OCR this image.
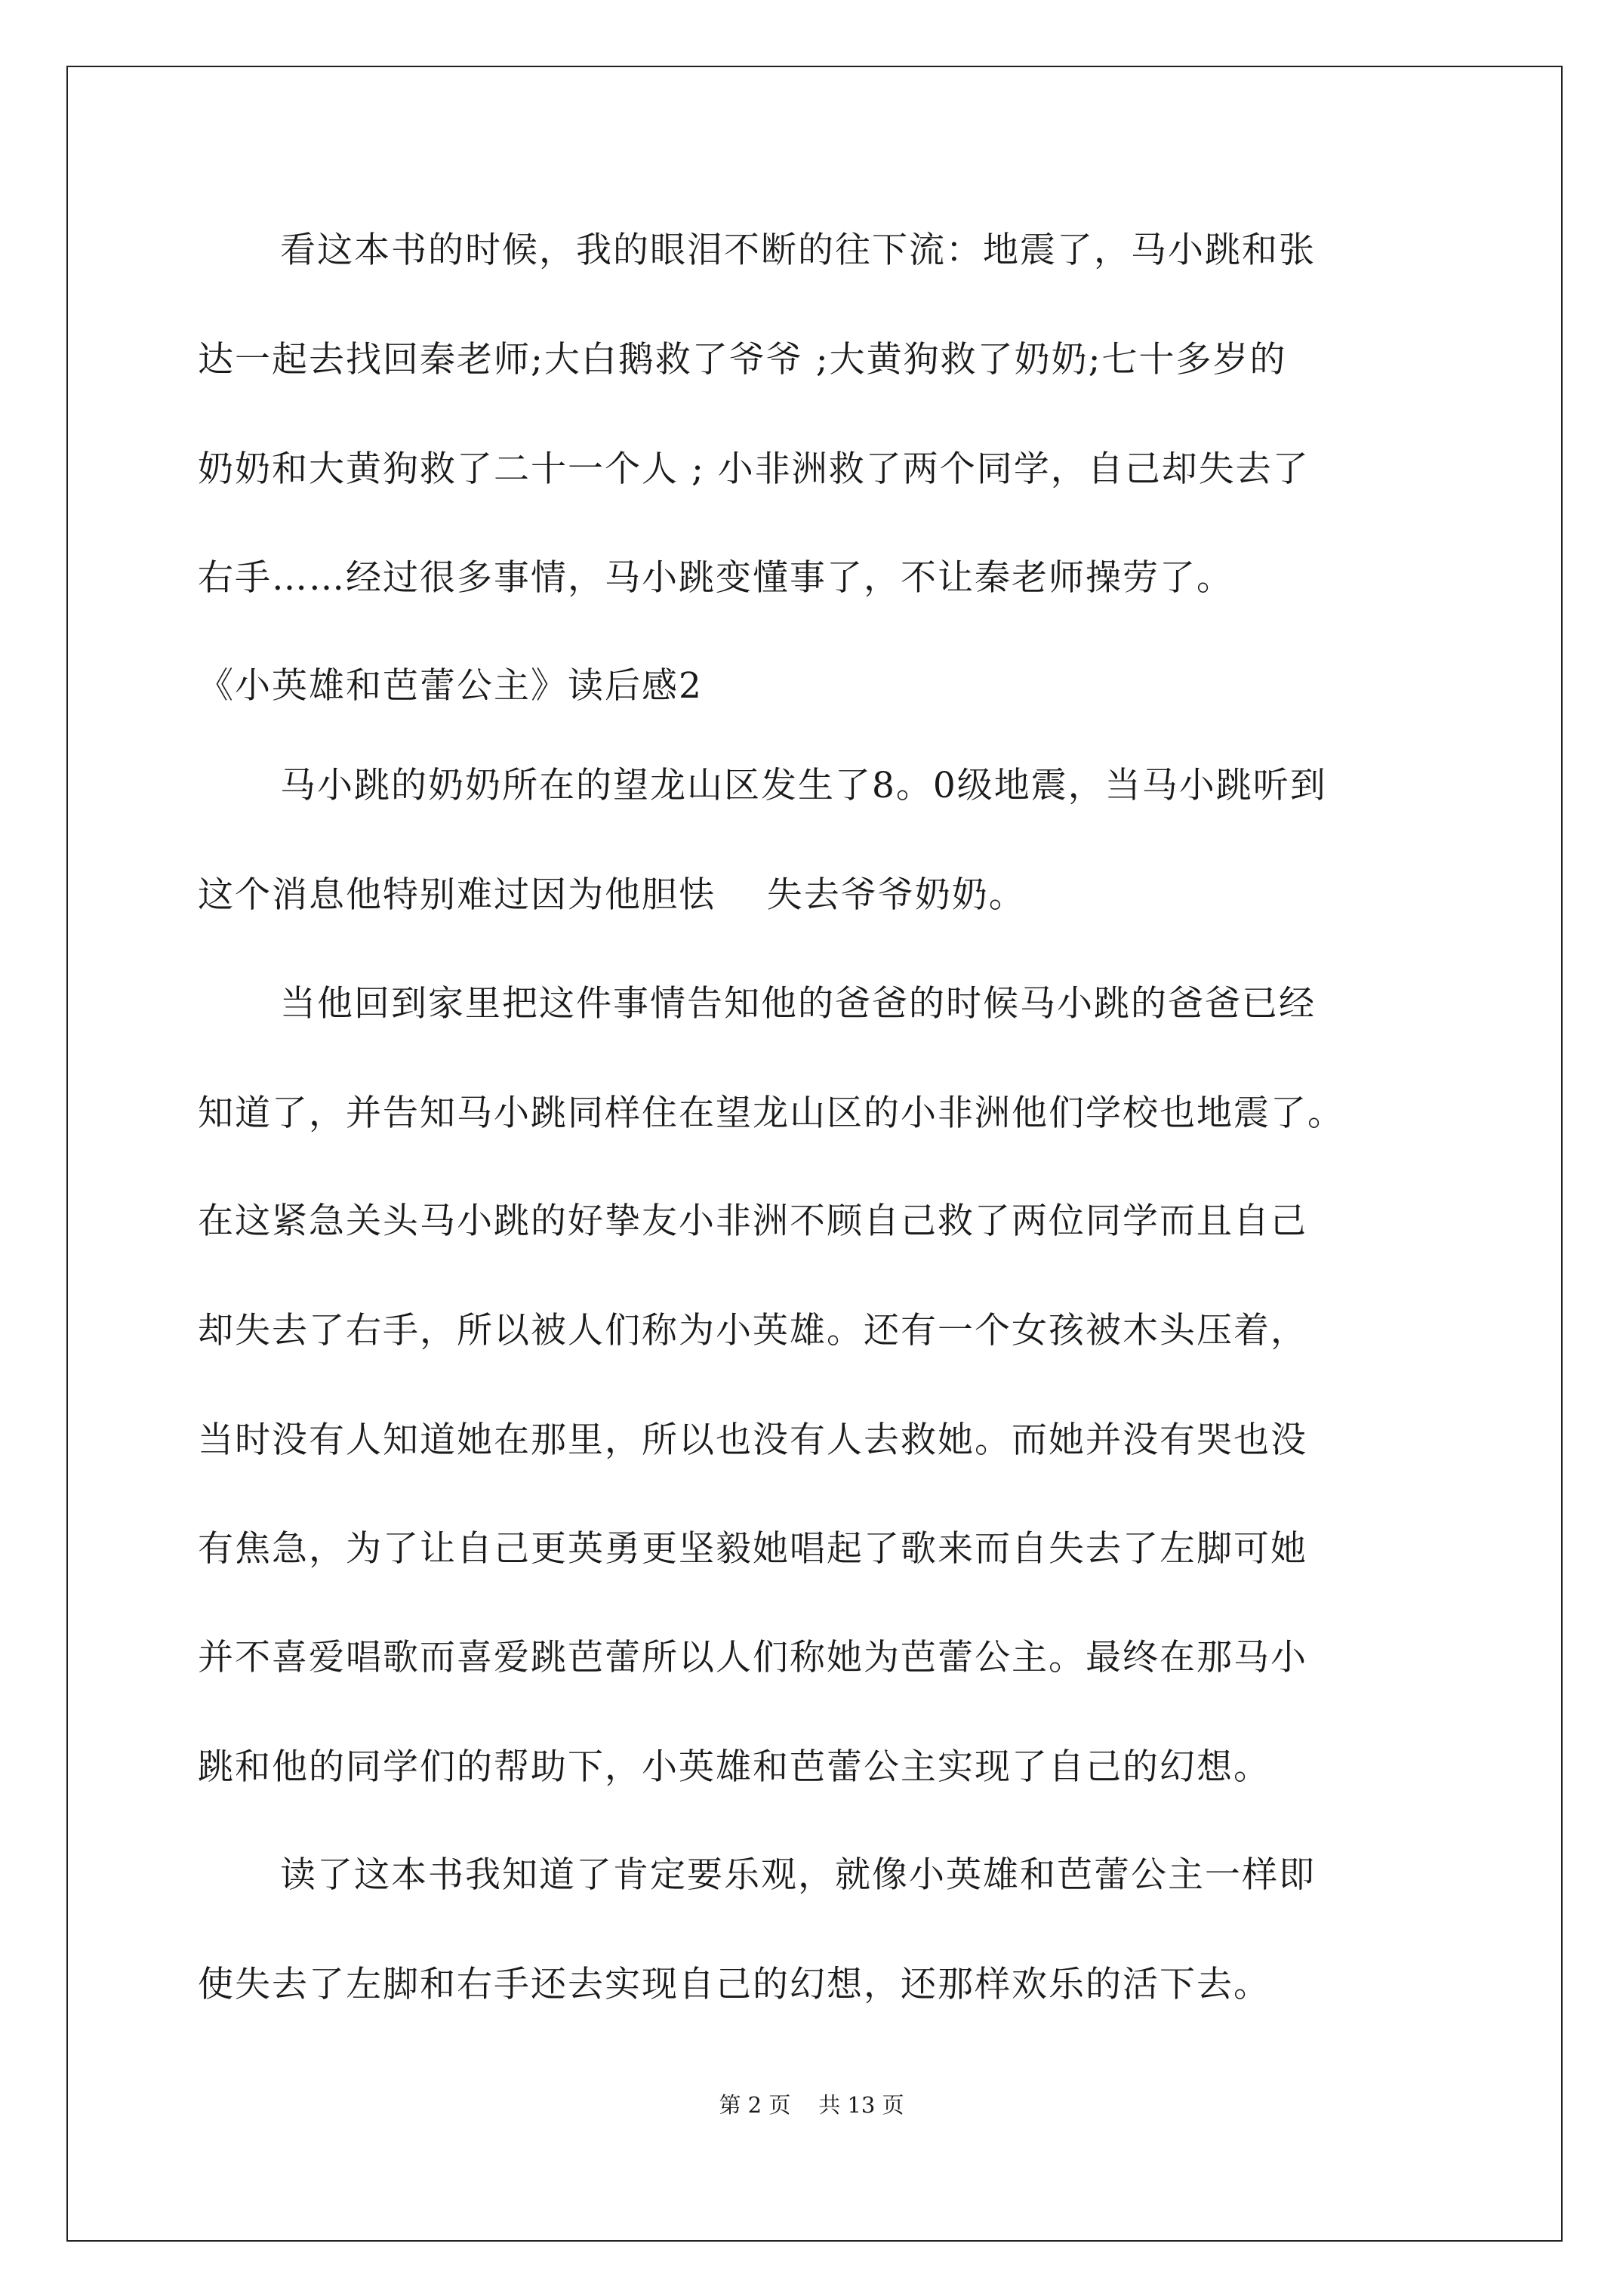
看这本书的时候，我的眼泪不断的往下流：地震了，马小跳和张
达一起去找回秦老师;大白鹅救了爷爷 ;大黄狗救了奶奶;七十多岁的
奶奶和大黄狗救了二十一个人 ; 小非洲救了两个同学，自己却失去了
右手……经过很多事情，马小跳变懂事了，不让秦老师操劳了。
《小英雄和芭蕾公主》读后感2
马小跳的奶奶所在的望龙山区发生了8。0级地震，当马小跳听到
这个消息他特别难过因为他胆怯    失去爷爷奶奶。
当他回到家里把这件事情告知他的爸爸的时候马小跳的爸爸已经
知道了，并告知马小跳同样住在望龙山区的小非洲他们学校也地震了。
在这紧急关头马小跳的好挚友小非洲不顾自己救了两位同学而且自己
却失去了右手，所以被人们称为小英雄。还有一个女孩被木头压着，
当时没有人知道她在那里，所以也没有人去救她。而她并没有哭也没
有焦急，为了让自己更英勇更坚毅她唱起了歌来而自失去了左脚可她
并不喜爱唱歌而喜爱跳芭蕾所以人们称她为芭蕾公主。最终在那马小
跳和他的同学们的帮助下，小英雄和芭蕾公主实现了自己的幻想。
读了这本书我知道了肯定要乐观，就像小英雄和芭蕾公主一样即
使失去了左脚和右手还去实现自己的幻想，还那样欢乐的活下去。
第 2 页    共 13 页
